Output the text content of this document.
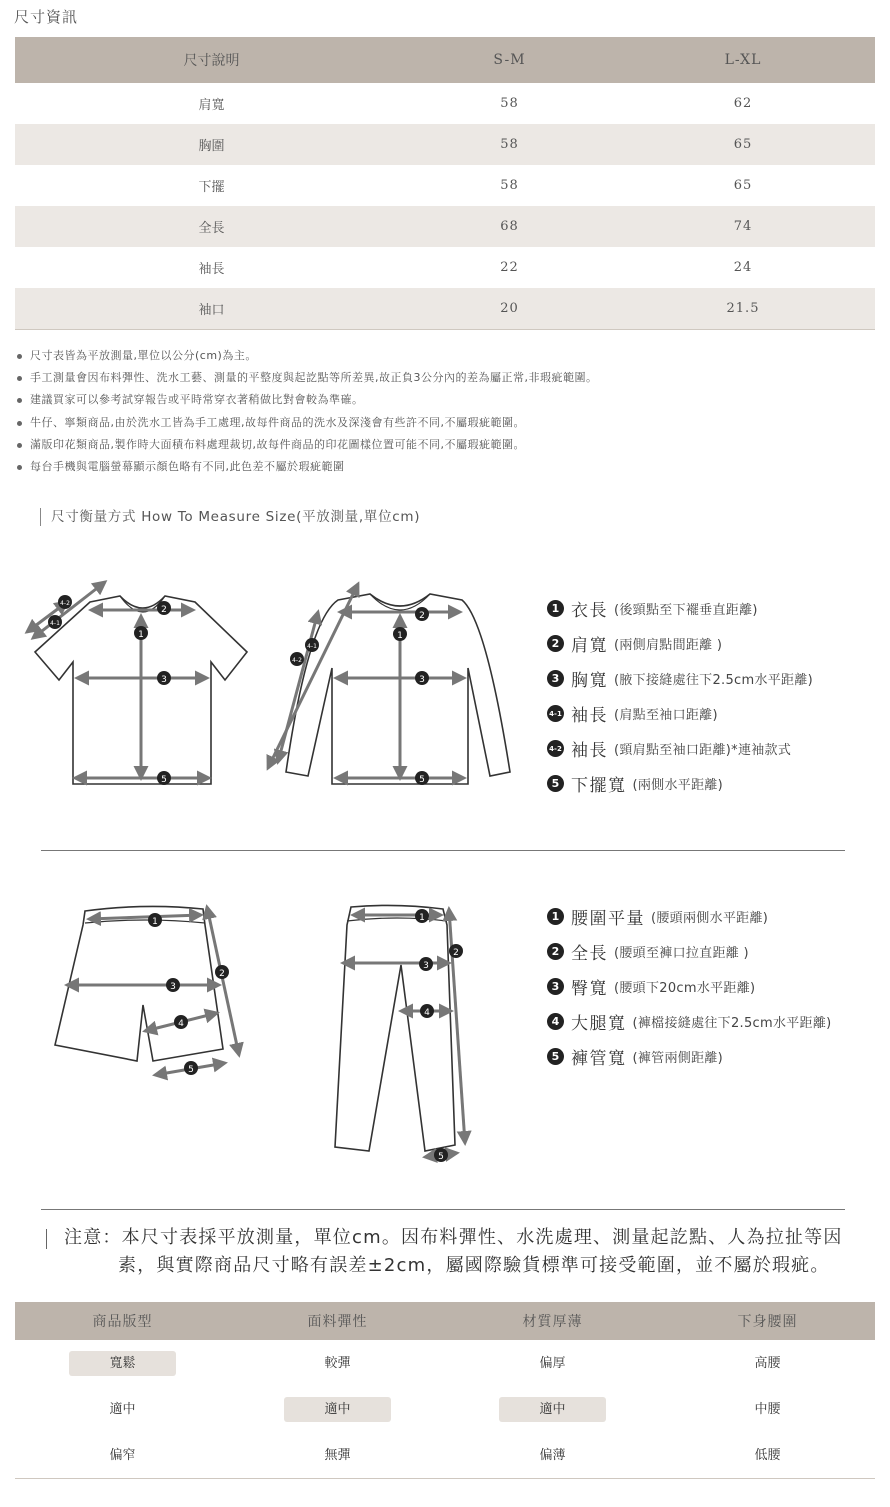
尺寸資訊
尺寸說明	S-M	L-XL
肩寬	58	62
胸圍	58	65
下擺	58	65
全長	68	74
袖長	22	24
袖口	20	21.5
尺寸表皆為平放測量,單位以公分(cm)為主。
手工測量會因布料彈性、洗水工藝、測量的平整度與起訖點等所差異,故正負3公分內的差為屬正常,非瑕疵範圍。
建議買家可以參考試穿報告或平時常穿衣著稍做比對會較為準確。
牛仔、寧類商品,由於洗水工皆為手工處理,故每件商品的洗水及深淺會有些許不同,不屬瑕疵範圍。
滿版印花類商品,製作時大面積布料處理裁切,故每件商品的印花圖樣位置可能不同,不屬瑕疵範圍。
每台手機與電腦螢幕顯示顏色略有不同,此色差不屬於瑕疵範圍
尺寸衡量方式 How To Measure Size(平放測量,單位cm)
4-2
4-1
2
1
3
5
2
4-1
4-2
1
3
5
1 衣長 (後頸點至下襬垂直距離)
2 肩寬 (兩側肩點間距離 )
3 胸寬 (腋下接縫處往下2.5cm水平距離)
4-1 袖長 (肩點至袖口距離)
4-2 袖長 (頸肩點至袖口距離)*連袖款式
5 下擺寬 (兩側水平距離)
1
3
2
4
5
1
2
3
4
5
1 腰圍平量 (腰頭兩側水平距離)
2 全長 (腰頭至褲口拉直距離 )
3 臀寬 (腰頭下20cm水平距離)
4 大腿寬 (褲檔接縫處往下2.5cm水平距離)
5 褲管寬 (褲管兩側距離)
注意：本尺寸表採平放測量，單位cm。因布料彈性、水洗處理、測量起訖點、人為拉扯等因
素，與實際商品尺寸略有誤差±2cm，屬國際驗貨標準可接受範圍，並不屬於瑕疵。
商品版型	面料彈性	材質厚薄	下身腰圍
寬鬆	較彈	偏厚	高腰
適中	適中	適中	中腰
偏窄	無彈	偏薄	低腰
